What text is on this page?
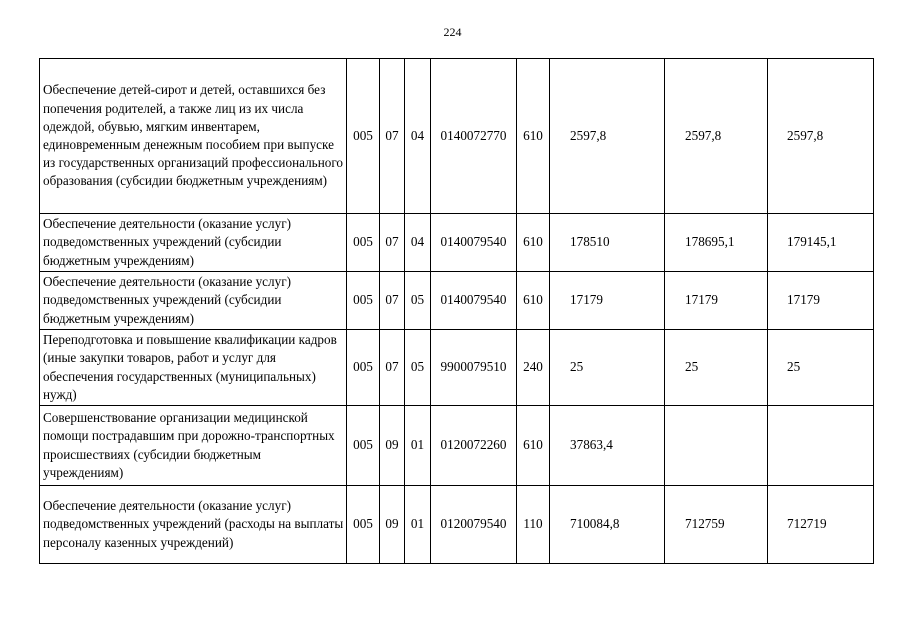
224
Обеспечение детей-сирот и детей, оставшихся без попечения родителей, а также лиц из их числа одеждой, обувью, мягким инвентарем, единовременным денежным пособием при выпуске из государственных организаций профессионального образования (субсидии бюджетным учреждениям)	005	07	04	0140072770	610	2597,8	2597,8	2597,8

Обеспечение деятельности (оказание услуг) подведомственных учреждений (субсидии бюджетным учреждениям)	005	07	04	0140079540	610	178510	178695,1	179145,1

Обеспечение деятельности (оказание услуг) подведомственных учреждений (субсидии бюджетным учреждениям)	005	07	05	0140079540	610	17179	17179	17179

Переподготовка и повышение квалификации кадров (иные закупки товаров, работ и услуг для обеспечения государственных (муниципальных) нужд)	005	07	05	9900079510	240	25	25	25

Совершенствование организации медицинской помощи пострадавшим при дорожно-транспортных происшествиях (субсидии бюджетным учреждениям)	005	09	01	0120072260	610	37863,4		

Обеспечение деятельности (оказание услуг) подведомственных учреждений (расходы на выплаты персоналу казенных учреждений)	005	09	01	0120079540	110	710084,8	712759	712719
